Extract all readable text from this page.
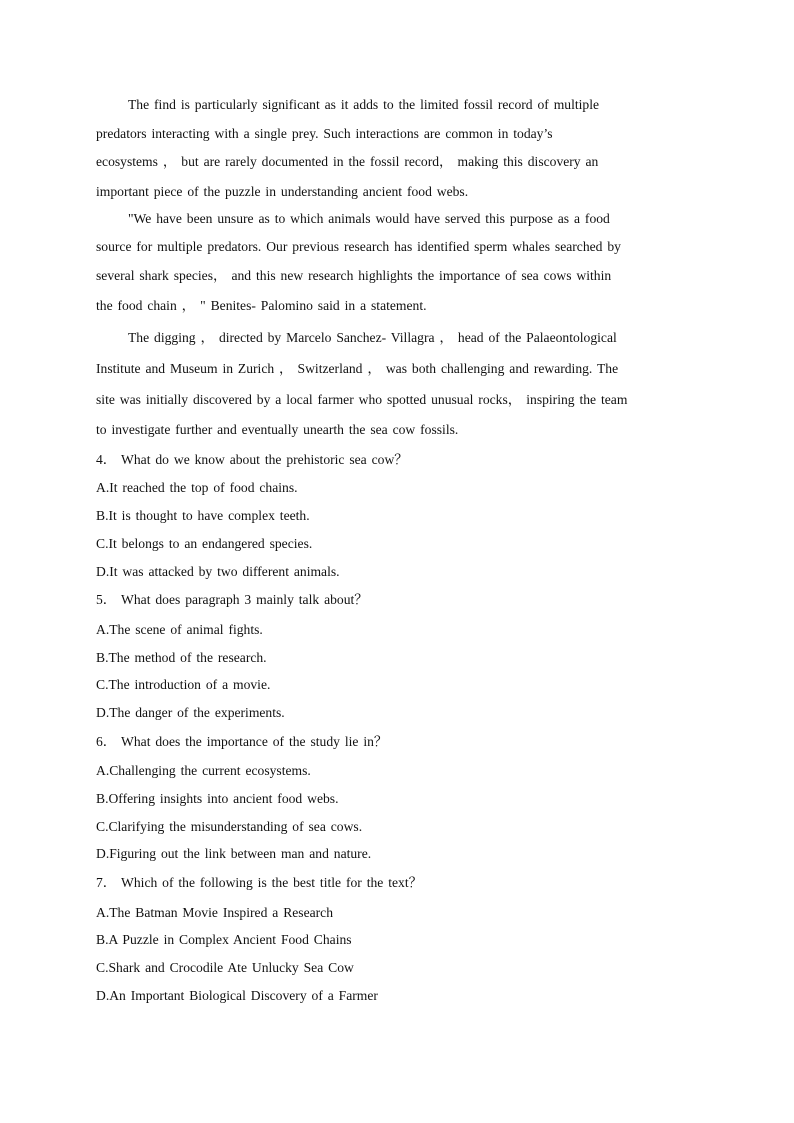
The find is particularly significant as it adds to the limited fossil record of multiple
predators interacting with a single prey. Such interactions are common in today’s
ecosystems ， but are rarely documented in the fossil record， making this discovery an
important piece of the puzzle in understanding ancient food webs.
"We have been unsure as to which animals would have served this purpose as a food
source for multiple predators. Our previous research has identified sperm whales searched by
several shark species， and this new research highlights the importance of sea cows within
the food chain ， " Benites- Palomino said in a statement.
The digging ， directed by Marcelo Sanchez- Villagra ， head of the Palaeontological
Institute and Museum in Zurich ， Switzerland ， was both challenging and rewarding. The
site was initially discovered by a local farmer who spotted unusual rocks， inspiring the team
to investigate further and eventually unearth the sea cow fossils.
4． What do we know about the prehistoric sea cow？
A.It reached the top of food chains.
B.It is thought to have complex teeth.
C.It belongs to an endangered species.
D.It was attacked by two different animals.
5． What does paragraph 3 mainly talk about？
A.The scene of animal fights.
B.The method of the research.
C.The introduction of a movie.
D.The danger of the experiments.
6． What does the importance of the study lie in？
A.Challenging the current ecosystems.
B.Offering insights into ancient food webs.
C.Clarifying the misunderstanding of sea cows.
D.Figuring out the link between man and nature.
7． Which of the following is the best title for the text？
A.The Batman Movie Inspired a Research
B.A Puzzle in Complex Ancient Food Chains
C.Shark and Crocodile Ate Unlucky Sea Cow
D.An Important Biological Discovery of a Farmer
